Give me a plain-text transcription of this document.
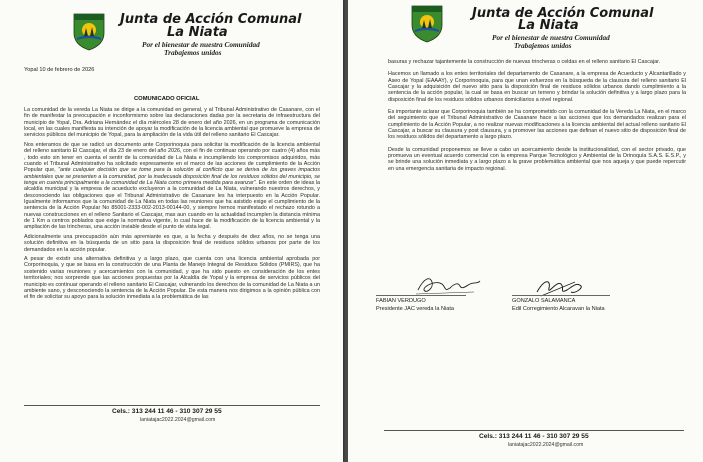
Junta de Acción Comunal
La Niata
Por el bienestar de nuestra Comunidad
Trabajemos unidos
Yopal 10 de febrero de 2026
COMUNICADO OFICIAL

La comunidad de la vereda La Niata se dirige a la comunidad en general, y al Tribunal Administrativo de Casanare, con el fin de manifestar la preocupación e inconformismo sobre las declaraciones dadas por la secretaria de infraestructura del municipio de Yopal, Dra. Adriana Hernández el día miércoles 28 de enero del año 2026, en un programa de comunicación local, en las cuales manifiesta su intención de apoyar la modificación de la licencia ambiental que promueve la empresa de servicios públicos del municipio de Yopal, para la ampliación de la vida útil del relleno sanitario El Cascajar.

Nos enteramos de que se radicó un documento ante Corporinoquia para solicitar la modificación de la licencia ambiental del relleno sanitario El Cascajar, el día 23 de enero del año 2026, con el fin de continuar operando por cuatro (4) años más , todo esto sin tener en cuenta el sentir de la comunidad de La Niata e incumpliendo los compromisos adquiridos, más cuando el Tribunal Administrativo ha solicitado expresamente en el marco de las acciones de cumplimiento de la Acción Popular que, "ante cualquier decisión que se tome para la solución al conflicto que se deriva de los graves impactos ambientales que se presenten a la comunidad, por la inadecuada disposición final de los residuos sólidos del municipio, se tenga en cuenta principalmente a la comunidad de La Niata como primera medida para avanzar". En este orden de ideas la alcaldía municipal y la empresa de acueducto excluyeron a la comunidad de La Niata, vulnerando nuestros derechos, y desconociendo las obligaciones que el Tribunal Administrativo de Casanare les ha interpuesto en la Acción Popular. Igualmente informamos que la comunidad de La Niata en todas las reuniones que ha asistido exige el cumplimiento de la sentencia de la Acción Popular No 85001-2333-002-2013-00144-00, y siempre hemos manifestado el rechazo rotundo a nuevas construcciones en el relleno Sanitario el Cascajar, mas aun cuando en la actualidad incumplen la distancia mínima de 1 Km a centros poblados que exige la normativa vigente, lo cual hace de la modificación de la licencia ambiental y la ampliación de las trincheras, una acción inviable desde el punto de vista legal.

Adicionalmente una preocupación aún más apremiante es que, a la fecha y después de diez años, no se tenga una solución definitiva en la búsqueda de un sitio para la disposición final de residuos sólidos urbanos por parte de los demandados en la acción popular.

A pesar de existir una alternativa definitiva y a largo plazo, que cuenta con una licencia ambiental aprobada por Corporinoquia, y que se basa en la construcción de una Planta de Manejo Integral de Residuos Sólidos (PMIRS), que ha sostenido varias reuniones y acercamientos con la comunidad, y que ha sido puesto en consideración de los entes territoriales; nos sorprende que las acciones propuestas por la Alcaldía de Yopal y la empresa de servicios públicos del municipio es continuar operando el relleno sanitario El Cascajar, vulnerando los derechos de la comunidad de La Niata a un ambiente sano, y desconociendo la sentencia de la Acción Popular. De esta manera nos dirigimos a la opinión pública con el fin de solicitar su apoyo para la solución inmediata a la problemática de las

Cels.: 313 244 11 46 - 310 307 29 55
laniatajac2022.2024@gmail.com
Junta de Acción Comunal
La Niata
Por el bienestar de nuestra Comunidad
Trabajemos unidos

basuras y rechazar tajantemente la construcción de nuevas trincheras o celdas en el relleno sanitario El Cascajar.

Hacemos un llamado a los entes territoriales del departamento de Casanare, a la empresa de Acueducto y Alcantarillado y Aseo de Yopal (EAAAY), y Corporinoquia, para que unan esfuerzos en la búsqueda de la clausura del relleno sanitario El Cascajar y la adquisición del nuevo sitio para la disposición final de residuos sólidos urbanos dando cumplimiento a la sentencia de la acción popular, la cual se basa en buscar un terreno y brindar la solución definitiva y a largo plazo para la disposición final de los residuos sólidos urbanos domiciliarios a nivel regional.

Es importante aclarar que Corporinoquia también se ha comprometido con la comunidad de la Vereda La Niata, en el marco del seguimiento que el Tribunal Administrativo de Casanare hace a las acciones que los demandados realizan para el cumplimiento de la Acción Popular, a no realizar nuevas modificaciones a la licencia ambiental del actual relleno sanitario El Cascajar, a buscar su clausura y post clausura, y a promover las acciones que definan el nuevo sitio de disposición final de los residuos sólidos del departamento a largo plazo.

Desde la comunidad proponemos se lleve a cabo un acercamiento desde la institucionalidad, con el sector privado, que promueva un eventual acuerdo comercial con la empresa Parque Tecnológico y Ambiental de la Orinoquía S.A.S. E.S.P., y se brinde una solución inmediata y a largo plazo a la grave problemática ambiental que nos aqueja y que puede repercutir en una emergencia sanitaria de impacto regional.

FABIAN VERDUGO
Presidente JAC vereda la Niata
GONZALO SALAMANCA
Edil Corregimiento Alcaravan la Niata
Cels.: 313 244 11 46 - 310 307 29 55
laniatajac2022.2024@gmail.com
